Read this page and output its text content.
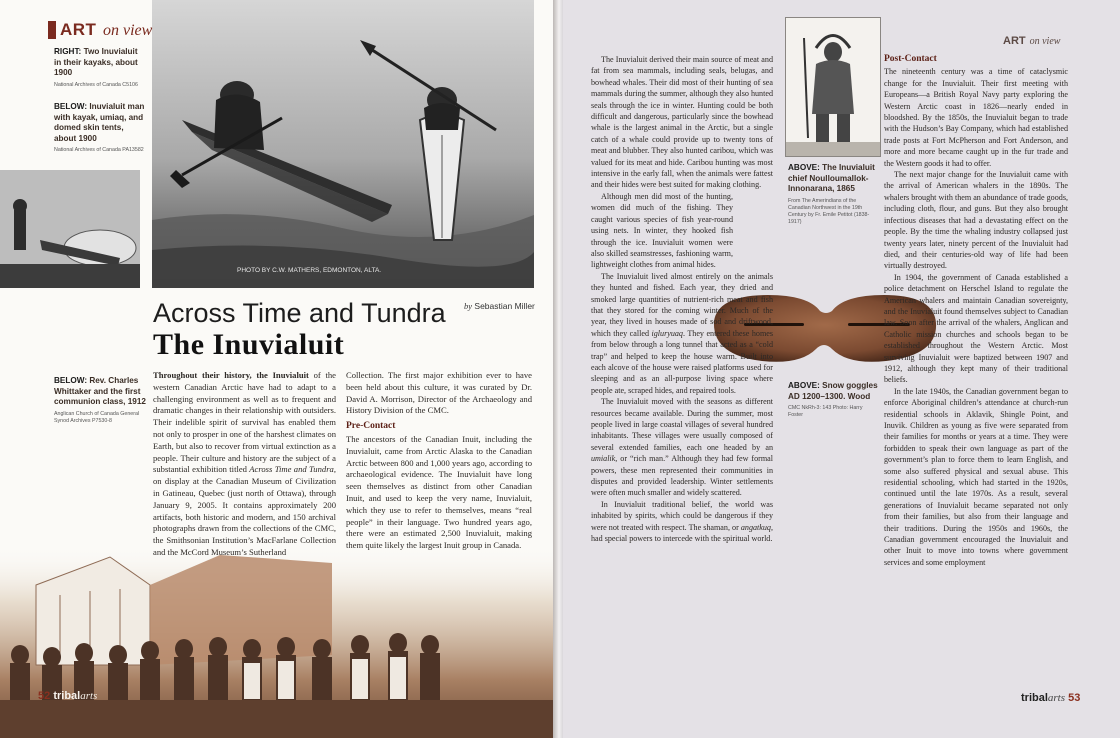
PHOTO BY C.W. MATHERS, EDMONTON, ALTA.
ART on view
RIGHT: Two Inuvialuit in their kayaks, about 1900
National Archives of Canada C5106
BELOW: Inuvialuit man with kayak, umiaq, and domed skin tents, about 1900
National Archives of Canada PA13582
Across Time and Tundra
The Inuvialuit
by Sebastian Miller
BELOW: Rev. Charles Whittaker and the first communion class, 1912
Anglican Church of Canada General Synod Archives P7530-8

Throughout their history, the Inuvialuit of the western Canadian Arctic have had to adapt to a challenging environment as well as to frequent and dramatic changes in their relationship with outsiders. Their indelible spirit of survival has enabled them not only to prosper in one of the harshest climates on Earth, but also to recover from virtual extinction as a people. Their culture and history are the subject of a substantial exhibition titled Across Time and Tundra, on display at the Canadian Museum of Civilization in Gatineau, Quebec (just north of Ottawa), through January 9, 2005. It contains approximately 200 artifacts, both historic and modern, and 150 archival photographs drawn from the collections of the CMC, the Smithsonian Institution’s MacFarlane Collection and the McCord Museum’s Sutherland

Collection. The first major exhibition ever to have been held about this culture, it was curated by Dr. David A. Morrison, Director of the Archaeology and History Division of the CMC.

Pre-Contact

The ancestors of the Canadian Inuit, including the Inuvialuit, came from Arctic Alaska to the Canadian Arctic between 800 and 1,000 years ago, according to archaeological evidence. The Inuvialuit have long seen themselves as distinct from other Canadian Inuit, and used to keep the very name, Inuvialuit, which they use to refer to themselves, means “real people” in their language. Two hundred years ago, there were an estimated 2,500 Inuvialuit, making them quite likely the largest Inuit group in Canada.

52 tribalarts
ART on view
ABOVE: The Inuvialuit chief Noulloumallok-Innonarana, 1865
From The Amerindians of the Canadian Northwest in the 19th Century by Fr. Emile Petitot (1838-1917)
ABOVE: Snow goggles AD 1200–1300. Wood
CMC NkRh-3: 143 Photo: Harry Foster

The Inuvialuit derived their main source of meat and fat from sea mammals, including seals, belugas, and bowhead whales. Their did most of their hunting of sea mammals during the summer, although they also hunted seals through the ice in winter. Hunting could be both difficult and dangerous, particularly since the bowhead whale is the largest animal in the Arctic, but a single catch of a whale could provide up to twenty tons of meat and blubber. They also hunted caribou, which was valued for its meat and hide. Caribou hunting was most intensive in the early fall, when the animals were fattest and their hides were best suited for making clothing.

Although men did most of the hunting, women did much of the fishing. They caught various species of fish year-round using nets. In winter, they hooked fish through the ice. Inuvialuit women were also skilled seamstresses, fashioning warm, lightweight clothes from animal hides.

The Inuvialuit lived almost entirely on the animals they hunted and fished. Each year, they dried and smoked large quantities of nutrient-rich meat and fish that they stored for the coming winter. Much of the year, they lived in houses made of sod and driftwood, which they called igluryuaq. They entered these homes from below through a long tunnel that acted as a “cold trap” and helped to keep the house warm. Built into each alcove of the house were raised platforms used for sleeping and as an all-purpose living space where people ate, scraped hides, and repaired tools.

The Inuvialuit moved with the seasons as different resources became available. During the summer, most people lived in large coastal villages of several hundred inhabitants. These villages were usually composed of several extended families, each one headed by an umialik, or “rich man.” Although they had few formal powers, these men represented their communities in disputes and provided leadership. Winter settlements were often much smaller and widely scattered.

In Inuvialuit traditional belief, the world was inhabited by spirits, which could be dangerous if they were not treated with respect. The shaman, or angatkuq, had special powers to intercede with the spiritual world.

Post-Contact

The nineteenth century was a time of cataclysmic change for the Inuvialuit. Their first meeting with Europeans—a British Royal Navy party exploring the Western Arctic coast in 1826—nearly ended in bloodshed. By the 1850s, the Inuvialuit began to trade with the Hudson’s Bay Company, which had established trade posts at Fort McPherson and Fort Anderson, and more and more became caught up in the fur trade and the Western goods it had to offer.

The next major change for the Inuvialuit came with the arrival of American whalers in the 1890s. The whalers brought with them an abundance of trade goods, including cloth, flour, and guns. But they also brought infectious diseases that had a devastating effect on the people. By the time the whaling industry collapsed just twenty years later, ninety percent of the Inuvialuit had died, and their centuries-old way of life had been virtually destroyed.

In 1904, the government of Canada established a police detachment on Herschel Island to regulate the American whalers and maintain Canadian sovereignty, and the Inuvialuit found themselves subject to Canadian law. Soon after the arrival of the whalers, Anglican and Catholic mission churches and schools began to be established throughout the Western Arctic. Most surviving Inuvialuit were baptized between 1907 and 1912, although they kept many of their traditional beliefs.

In the late 1940s, the Canadian government began to enforce Aboriginal children’s attendance at church-run residential schools in Aklavik, Shingle Point, and Inuvik. Children as young as five were separated from their families for months or years at a time. They were forbidden to speak their own language as part of the government’s plan to force them to learn English, and some also suffered physical and sexual abuse. This residential schooling, which had started in the 1920s, continued until the late 1970s. As a result, several generations of Inuvialuit became separated not only from their families, but also from their language and their traditions. During the 1950s and 1960s, the Canadian government encouraged the Inuvialuit and other Inuit to move into towns where government services and some employment

tribalarts 53
